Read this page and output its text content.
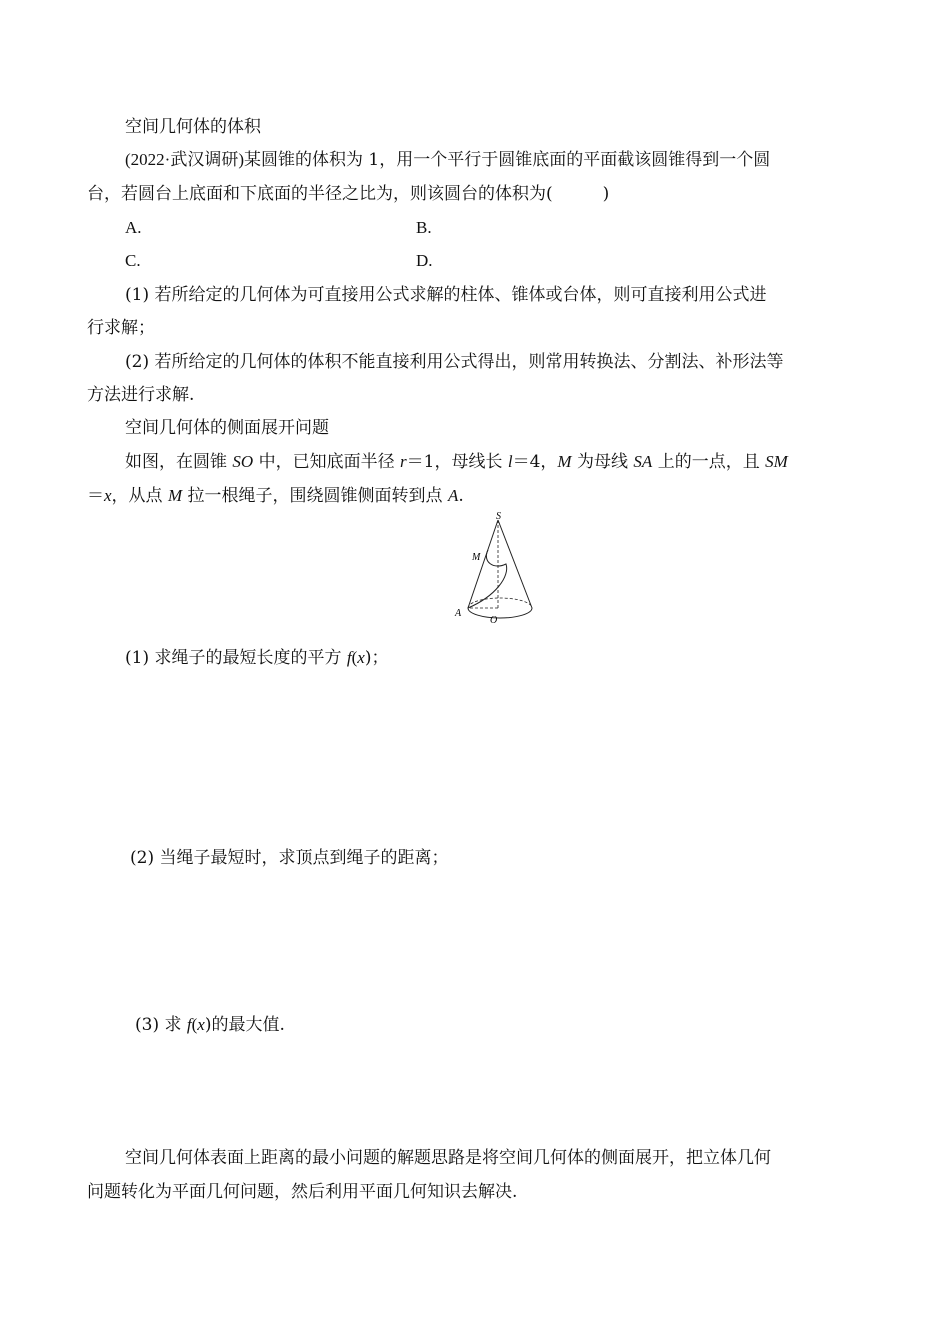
空间几何体的体积
(2022·武汉调研)某圆锥的体积为 1，用一个平行于圆锥底面的平面截该圆锥得到一个圆
台，若圆台上底面和下底面的半径之比为，则该圆台的体积为(	)
A.	B.
C.	D.
(1) 若所给定的几何体为可直接用公式求解的柱体、锥体或台体，则可直接利用公式进
行求解；
(2) 若所给定的几何体的体积不能直接利用公式得出，则常用转换法、分割法、补形法等
方法进行求解.
空间几何体的侧面展开问题
如图，在圆锥 SO 中，已知底面半径 r＝1，母线长 l＝4，M 为母线 SA 上的一点，且 SM
＝x，从点 M 拉一根绳子，围绕圆锥侧面转到点 A.
S
M
A
O
(1) 求绳子的最短长度的平方 f(x)；
(2) 当绳子最短时，求顶点到绳子的距离；
(3) 求 f(x)的最大值.
空间几何体表面上距离的最小问题的解题思路是将空间几何体的侧面展开，把立体几何
问题转化为平面几何问题，然后利用平面几何知识去解决.
